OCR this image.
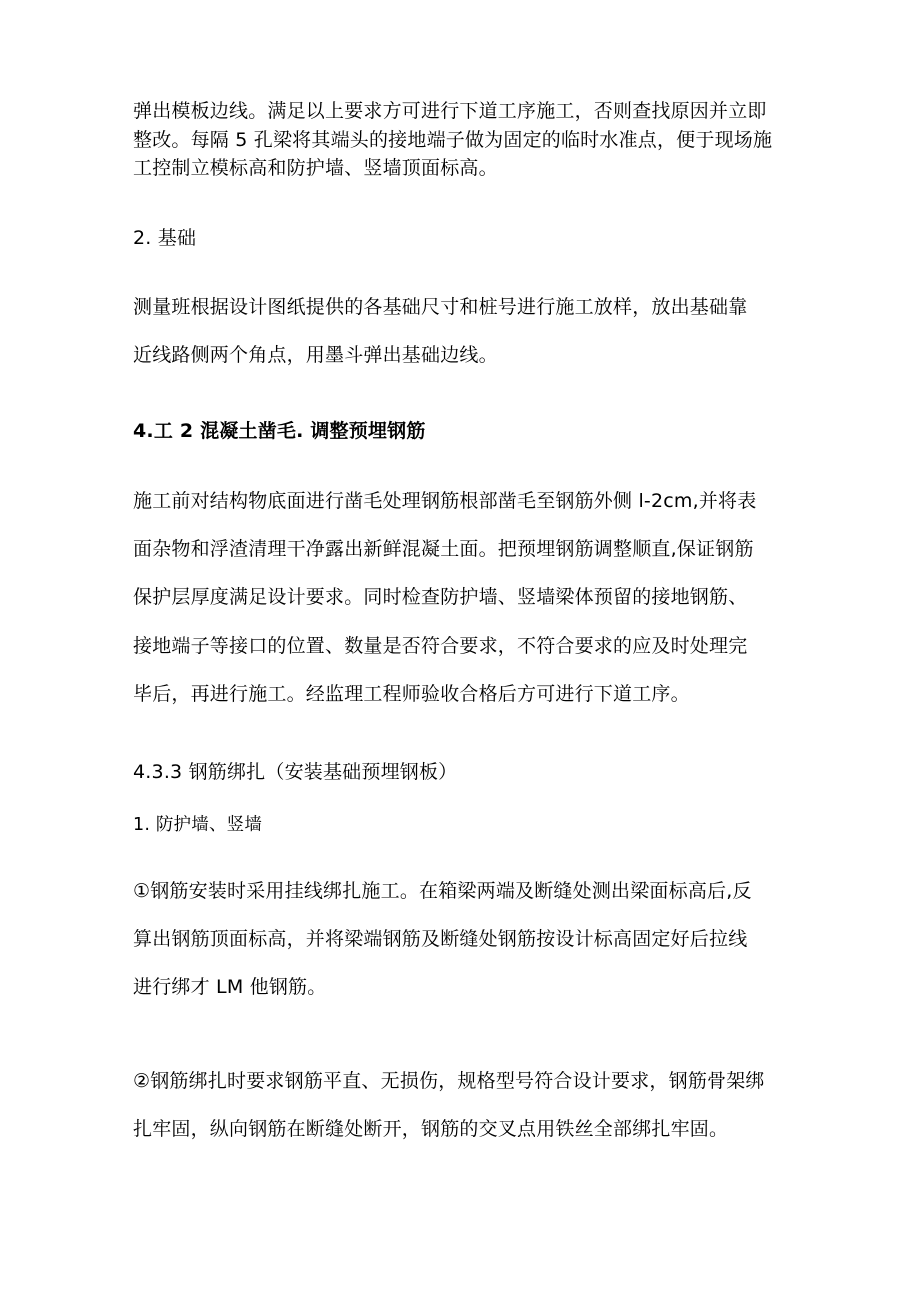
弹出模板边线。满足以上要求方可进行下道工序施工，否则查找原因并立即
整改。每隔 5 孔梁将其端头的接地端子做为固定的临时水准点，便于现场施
工控制立模标高和防护墙、竖墙顶面标高。
2. 基础
测量班根据设计图纸提供的各基础尺寸和桩号进行施工放样，放出基础靠
近线路侧两个角点，用墨斗弹出基础边线。
4.工 2 混凝土凿毛. 调整预埋钢筋
施工前对结构物底面进行凿毛处理钢筋根部凿毛至钢筋外侧 l-2cm,并将表
面杂物和浮渣清理干净露出新鲜混凝土面。把预埋钢筋调整顺直,保证钢筋
保护层厚度满足设计要求。同时检查防护墙、竖墙梁体预留的接地钢筋、
接地端子等接口的位置、数量是否符合要求，不符合要求的应及时处理完
毕后，再进行施工。经监理工程师验收合格后方可进行下道工序。
4.3.3 钢筋绑扎（安装基础预埋钢板）
1. 防护墙、竖墙
①钢筋安装时采用挂线绑扎施工。在箱梁两端及断缝处测出梁面标高后,反
算出钢筋顶面标高，并将梁端钢筋及断缝处钢筋按设计标高固定好后拉线
进行绑才 LM 他钢筋。
②钢筋绑扎时要求钢筋平直、无损伤，规格型号符合设计要求，钢筋骨架绑
扎牢固，纵向钢筋在断缝处断开，钢筋的交叉点用铁丝全部绑扎牢固。
